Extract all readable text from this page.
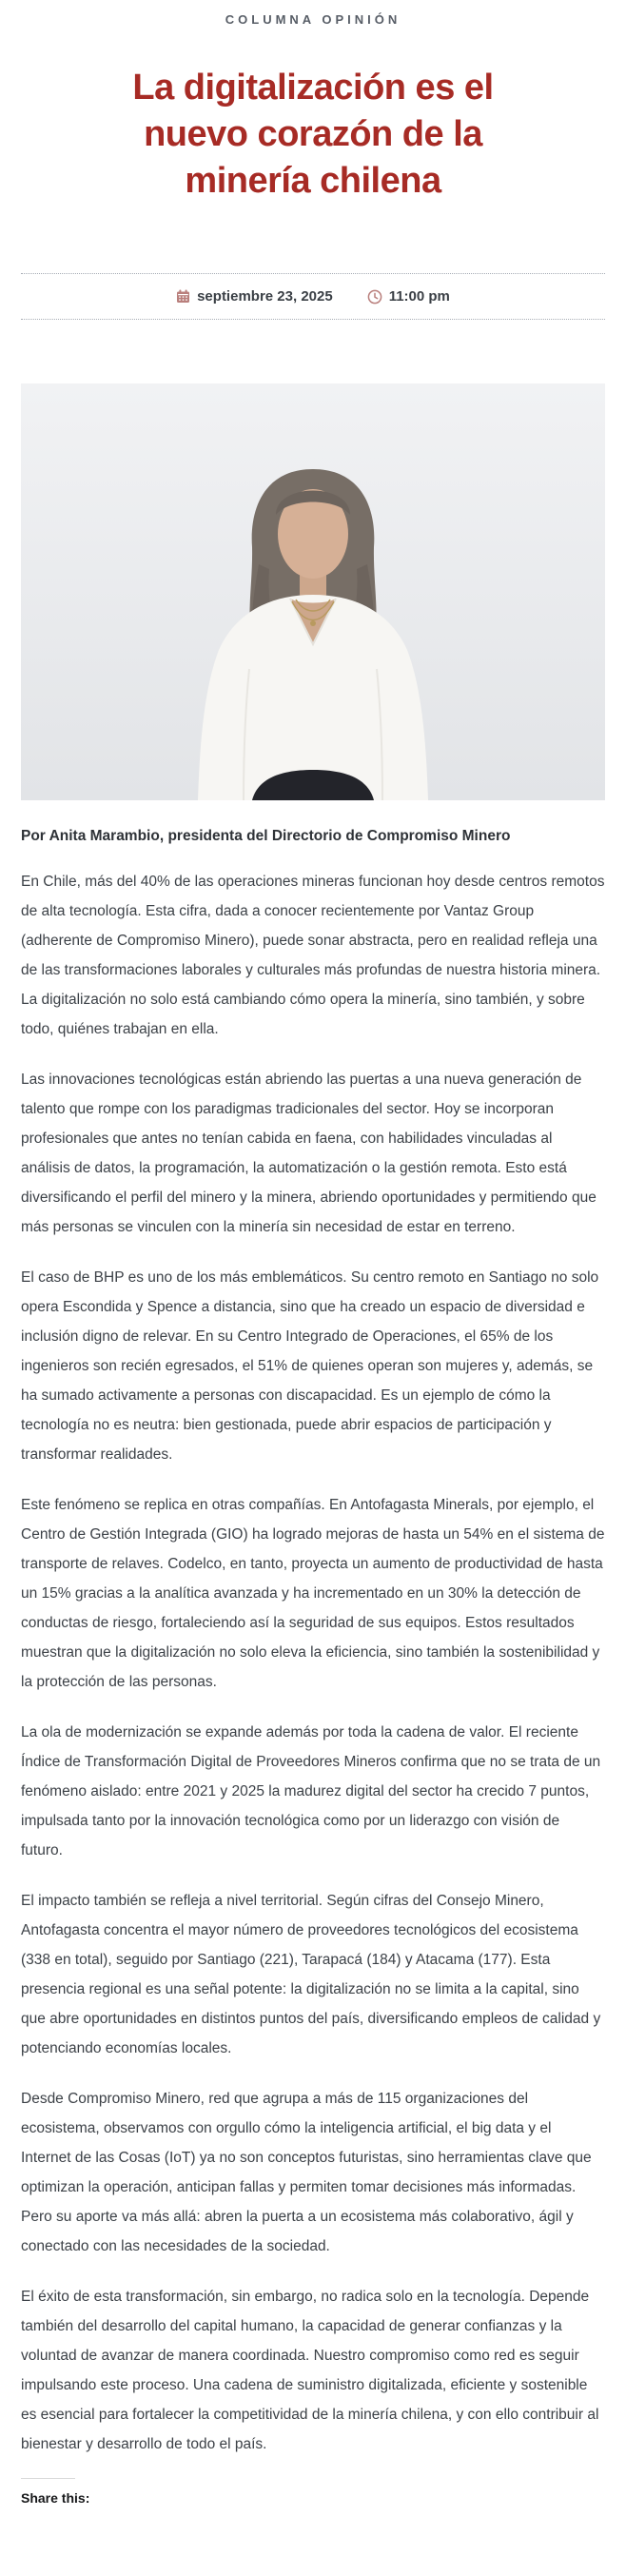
COLUMNA OPINIÓN
La digitalización es el
nuevo corazón de la
minería chilena
septiembre 23, 2025	11:00 pm
Por Anita Marambio, presidenta del Directorio de Compromiso Minero

En Chile, más del 40% de las operaciones mineras funcionan hoy desde centros remotos de alta tecnología. Esta cifra, dada a conocer recientemente por Vantaz Group (adherente de Compromiso Minero), puede sonar abstracta, pero en realidad refleja una de las transformaciones laborales y culturales más profundas de nuestra historia minera. La digitalización no solo está cambiando cómo opera la minería, sino también, y sobre todo, quiénes trabajan en ella.

Las innovaciones tecnológicas están abriendo las puertas a una nueva generación de talento que rompe con los paradigmas tradicionales del sector. Hoy se incorporan profesionales que antes no tenían cabida en faena, con habilidades vinculadas al análisis de datos, la programación, la automatización o la gestión remota. Esto está diversificando el perfil del minero y la minera, abriendo oportunidades y permitiendo que más personas se vinculen con la minería sin necesidad de estar en terreno.

El caso de BHP es uno de los más emblemáticos. Su centro remoto en Santiago no solo opera Escondida y Spence a distancia, sino que ha creado un espacio de diversidad e inclusión digno de relevar. En su Centro Integrado de Operaciones, el 65% de los ingenieros son recién egresados, el 51% de quienes operan son mujeres y, además, se ha sumado activamente a personas con discapacidad. Es un ejemplo de cómo la tecnología no es neutra: bien gestionada, puede abrir espacios de participación y transformar realidades.

Este fenómeno se replica en otras compañías. En Antofagasta Minerals, por ejemplo, el Centro de Gestión Integrada (GIO) ha logrado mejoras de hasta un 54% en el sistema de transporte de relaves. Codelco, en tanto, proyecta un aumento de productividad de hasta un 15% gracias a la analítica avanzada y ha incrementado en un 30% la detección de conductas de riesgo, fortaleciendo así la seguridad de sus equipos. Estos resultados muestran que la digitalización no solo eleva la eficiencia, sino también la sostenibilidad y la protección de las personas.

La ola de modernización se expande además por toda la cadena de valor. El reciente Índice de Transformación Digital de Proveedores Mineros confirma que no se trata de un fenómeno aislado: entre 2021 y 2025 la madurez digital del sector ha crecido 7 puntos, impulsada tanto por la innovación tecnológica como por un liderazgo con visión de futuro.

El impacto también se refleja a nivel territorial. Según cifras del Consejo Minero, Antofagasta concentra el mayor número de proveedores tecnológicos del ecosistema (338 en total), seguido por Santiago (221), Tarapacá (184) y Atacama (177). Esta presencia regional es una señal potente: la digitalización no se limita a la capital, sino que abre oportunidades en distintos puntos del país, diversificando empleos de calidad y potenciando economías locales.

Desde Compromiso Minero, red que agrupa a más de 115 organizaciones del ecosistema, observamos con orgullo cómo la inteligencia artificial, el big data y el Internet de las Cosas (IoT) ya no son conceptos futuristas, sino herramientas clave que optimizan la operación, anticipan fallas y permiten tomar decisiones más informadas. Pero su aporte va más allá: abren la puerta a un ecosistema más colaborativo, ágil y conectado con las necesidades de la sociedad.

El éxito de esta transformación, sin embargo, no radica solo en la tecnología. Depende también del desarrollo del capital humano, la capacidad de generar confianzas y la voluntad de avanzar de manera coordinada. Nuestro compromiso como red es seguir impulsando este proceso. Una cadena de suministro digitalizada, eficiente y sostenible es esencial para fortalecer la competitividad de la minería chilena, y con ello contribuir al bienestar y desarrollo de todo el país.

Share this:
